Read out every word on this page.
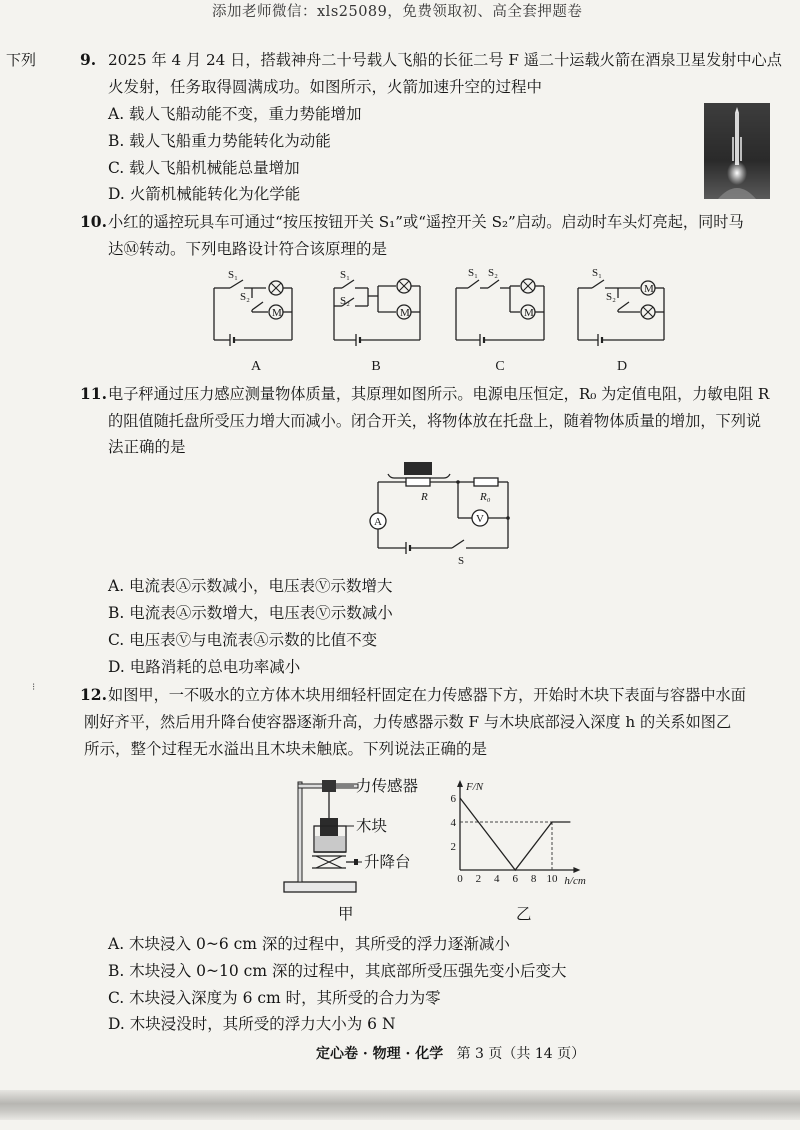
添加老师微信：xls25089，免费领取初、高全套押题卷
下列
⁝
9. 2025 年 4 月 24 日，搭载神舟二十号载人飞船的长征二号 F 遥二十运载火箭在酒泉卫星发射中心点
火发射，任务取得圆满成功。如图所示，火箭加速升空的过程中
A. 载人飞船动能不变，重力势能增加
B. 载人飞船重力势能转化为动能
C. 载人飞船机械能总量增加
D. 火箭机械能转化为化学能
10. 小红的遥控玩具车可通过“按压按钮开关 S₁”或“遥控开关 S₂”启动。启动时车头灯亮起，同时马
达Ⓜ转动。下列电路设计符合该原理的是
M
S₁
S₂
M
S₁
S₂
M
S₁ S₂
M
S₁
S₂
A	B	C	D
11. 电子秤通过压力感应测量物体质量，其原理如图所示。电源电压恒定，R₀ 为定值电阻，力敏电阻 R
的阻值随托盘所受压力增大而减小。闭合开关，将物体放在托盘上，随着物体质量的增加，下列说
法正确的是
V
A
R	R₀
S
A. 电流表Ⓐ示数减小，电压表Ⓥ示数增大
B. 电流表Ⓐ示数增大，电压表Ⓥ示数减小
C. 电压表Ⓥ与电流表Ⓐ示数的比值不变
D. 电路消耗的总电功率减小
12. 如图甲，一不吸水的立方体木块用细轻杆固定在力传感器下方，开始时木块下表面与容器中水面
刚好齐平，然后用升降台使容器逐渐升高，力传感器示数 F 与木块底部浸入深度 h 的关系如图乙
所示，整个过程无水溢出且木块未触底。下列说法正确的是
力传感器
木块
升降台
甲
0 2 4 6 8 10
2
4
6
F/N
h/cm
乙
A. 木块浸入 0~6 cm 深的过程中，其所受的浮力逐渐减小
B. 木块浸入 0~10 cm 深的过程中，其底部所受压强先变小后变大
C. 木块浸入深度为 6 cm 时，其所受的合力为零
D. 木块浸没时，其所受的浮力大小为 6 N
定心卷 · 物理 · 化学 第 3 页（共 14 页）
